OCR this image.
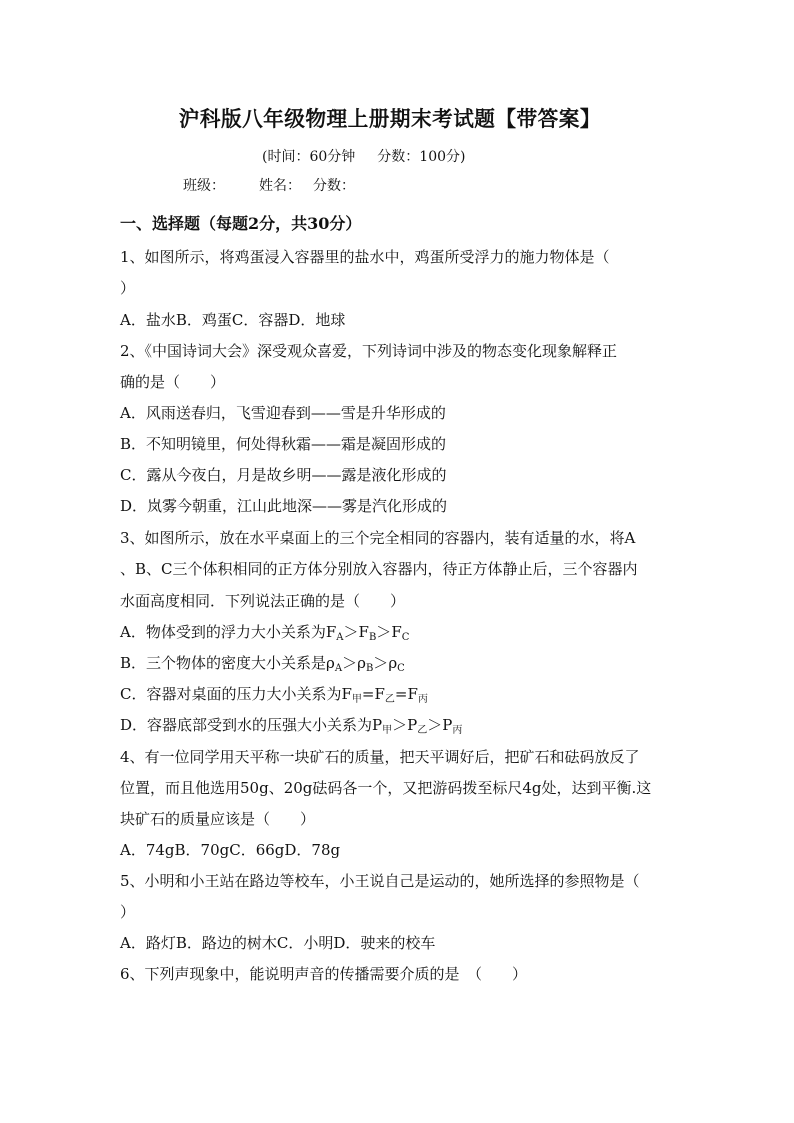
沪科版八年级物理上册期末考试题【带答案】
(时间：60分钟 分数：100分)
班级： 姓名： 分数：
一、选择题（每题2分，共30分）
1、如图所示，将鸡蛋浸入容器里的盐水中，鸡蛋所受浮力的施力物体是（
）
A．盐水B．鸡蛋C．容器D．地球
2、《中国诗词大会》深受观众喜爱，下列诗词中涉及的物态变化现象解释正
确的是（　　）
A．风雨送春归，飞雪迎春到——雪是升华形成的
B．不知明镜里，何处得秋霜——霜是凝固形成的
C．露从今夜白，月是故乡明——露是液化形成的
D．岚雾今朝重，江山此地深——雾是汽化形成的
3、如图所示，放在水平桌面上的三个完全相同的容器内，装有适量的水，将A
、B、C三个体积相同的正方体分别放入容器内，待正方体静止后，三个容器内
水面高度相同．下列说法正确的是（　　）
A．物体受到的浮力大小关系为$F_A>F_B>F_C$
B．三个物体的密度大小关系是$\rho_A>\rho_B>\rho_C$
C．容器对桌面的压力大小关系为$F_甲=F_乙=F_丙$
D．容器底部受到水的压强大小关系为$P_甲>P_乙>P_丙$
4、有一位同学用天平称一块矿石的质量，把天平调好后，把矿石和砝码放反了
位置，而且他选用50g、20g砝码各一个，又把游码拨至标尺4g处，达到平衡.这
块矿石的质量应该是（　　）
A．74gB．70gC．66gD．78g
5、小明和小王站在路边等校车，小王说自己是运动的，她所选择的参照物是（
）
A．路灯B．路边的树木C．小明D．驶来的校车
6、下列声现象中，能说明声音的传播需要介质的是　（　　）
